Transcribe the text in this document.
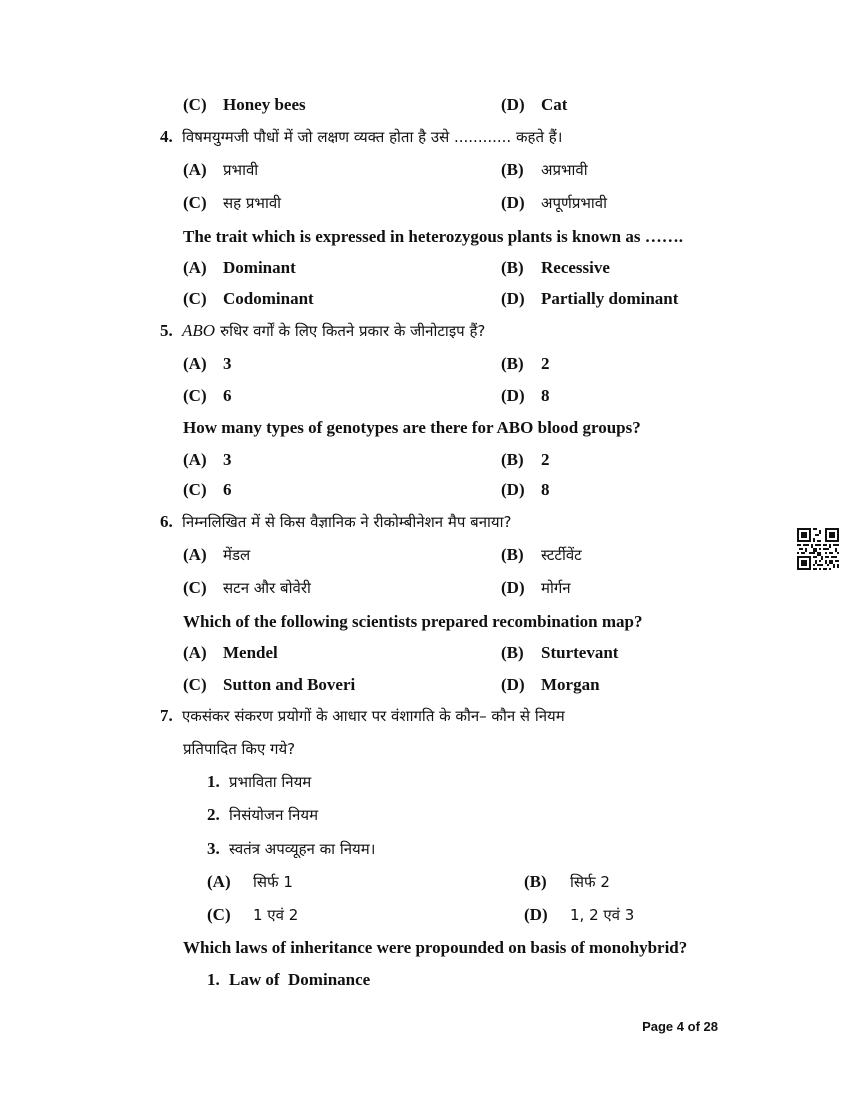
(C) Honey bees	(D) Cat
4. विषमयुग्मजी पौधों में जो लक्षण व्यक्त होता है उसे ............ कहते हैं।
(A) प्रभावी	(B) अप्रभावी
(C) सह प्रभावी	(D) अपूर्णप्रभावी
The trait which is expressed in heterozygous plants is known as …….
(A) Dominant	(B) Recessive
(C) Codominant	(D) Partially dominant
5. ABO रुधिर वर्गों के लिए कितने प्रकार के जीनोटाइप हैं?
(A) 3	(B) 2
(C) 6	(D) 8
How many types of genotypes are there for ABO blood groups?
(A) 3	(B) 2
(C) 6	(D) 8
6. निम्नलिखित में से किस वैज्ञानिक ने रीकोम्बीनेशन मैप बनाया?
(A) मेंडल	(B) स्टर्टीवेंट
(C) सटन और बोवेरी	(D) मोर्गन
Which of the following scientists prepared recombination map?
(A) Mendel	(B) Sturtevant
(C) Sutton and Boveri	(D) Morgan
7. एकसंकर संकरण प्रयोगों के आधार पर वंशागति के कौन– कौन से नियम
प्रतिपादित किए गये?
1. प्रभाविता नियम
2. निसंयोजन नियम
3. स्वतंत्र अपव्यूहन का नियम।
(A) सिर्फ 1	(B) सिर्फ 2
(C) 1 एवं 2	(D) 1, 2 एवं 3
Which laws of inheritance were propounded on basis of monohybrid?
1. Law of  Dominance
Page 4 of 28
